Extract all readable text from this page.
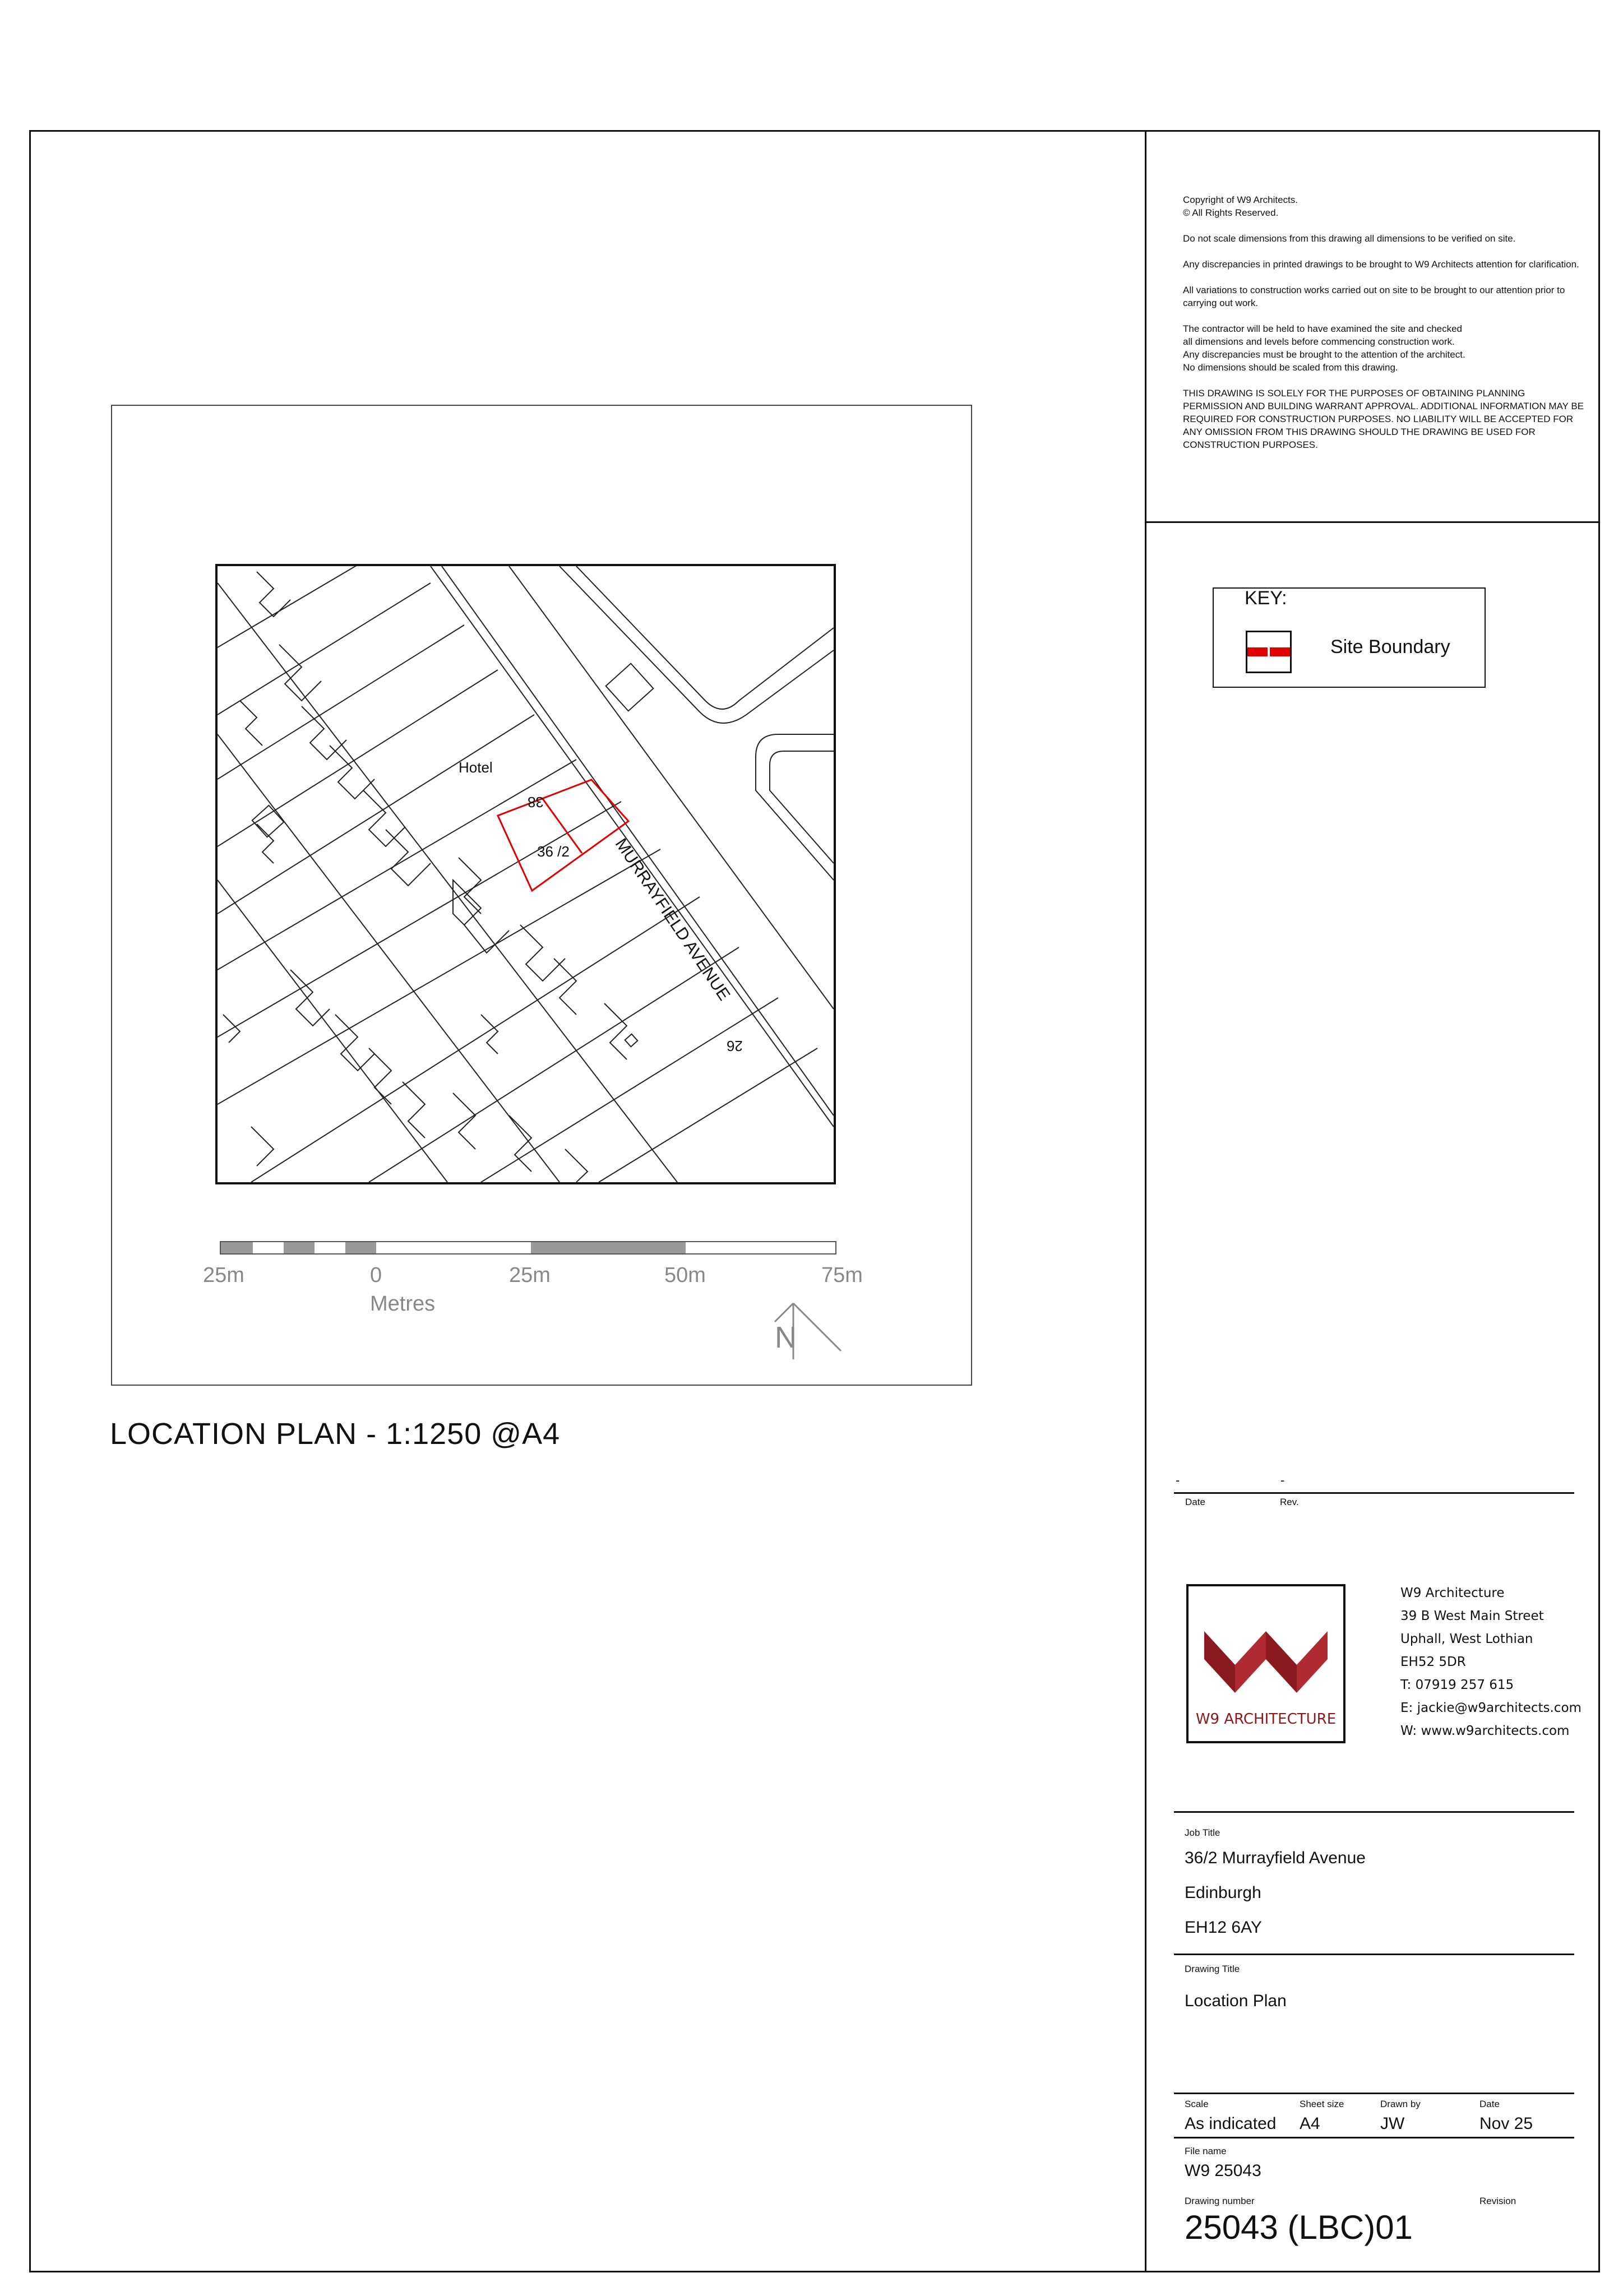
Copyright of W9 Architects.
© All Rights Reserved.

Do not scale dimensions from this drawing all dimensions to be verified on site.

Any discrepancies in printed drawings to be brought to W9 Architects attention for clarification.

All variations to construction works carried out on site to be brought to our attention prior to carrying out work.

The contractor will be held to have examined the site and checked
all dimensions and levels before commencing construction work.
Any discrepancies must be brought to the attention of the architect.
No dimensions should be scaled from this drawing.

THIS DRAWING IS SOLELY FOR THE PURPOSES OF OBTAINING PLANNING PERMISSION AND BUILDING WARRANT APPROVAL. ADDITIONAL INFORMATION MAY BE REQUIRED FOR CONSTRUCTION PURPOSES. NO LIABILITY WILL BE ACCEPTED FOR ANY OMISSION FROM THIS DRAWING SHOULD THE DRAWING BE USED FOR CONSTRUCTION PURPOSES.

KEY:
Site Boundary
Hotel
38
36 /2
26
MURRAYFIELD AVENUE
25m	0	25m	50m	75m
Metres
N
LOCATION PLAN - 1:1250 @A4
-	-
Date	Rev.
W9 ARCHITECTURE
W9 Architecture
39 B West Main Street
Uphall, West Lothian
EH52 5DR
T: 07919 257 615
E: jackie@w9architects.com
W: www.w9architects.com
Job Title
36/2 Murrayfield Avenue
Edinburgh
EH12 6AY
Drawing Title
Location Plan
Scale
As indicated
Sheet size
A4
Drawn by
JW
Date
Nov 25
File name
W9 25043
Drawing number	Revision
25043 (LBC)01
